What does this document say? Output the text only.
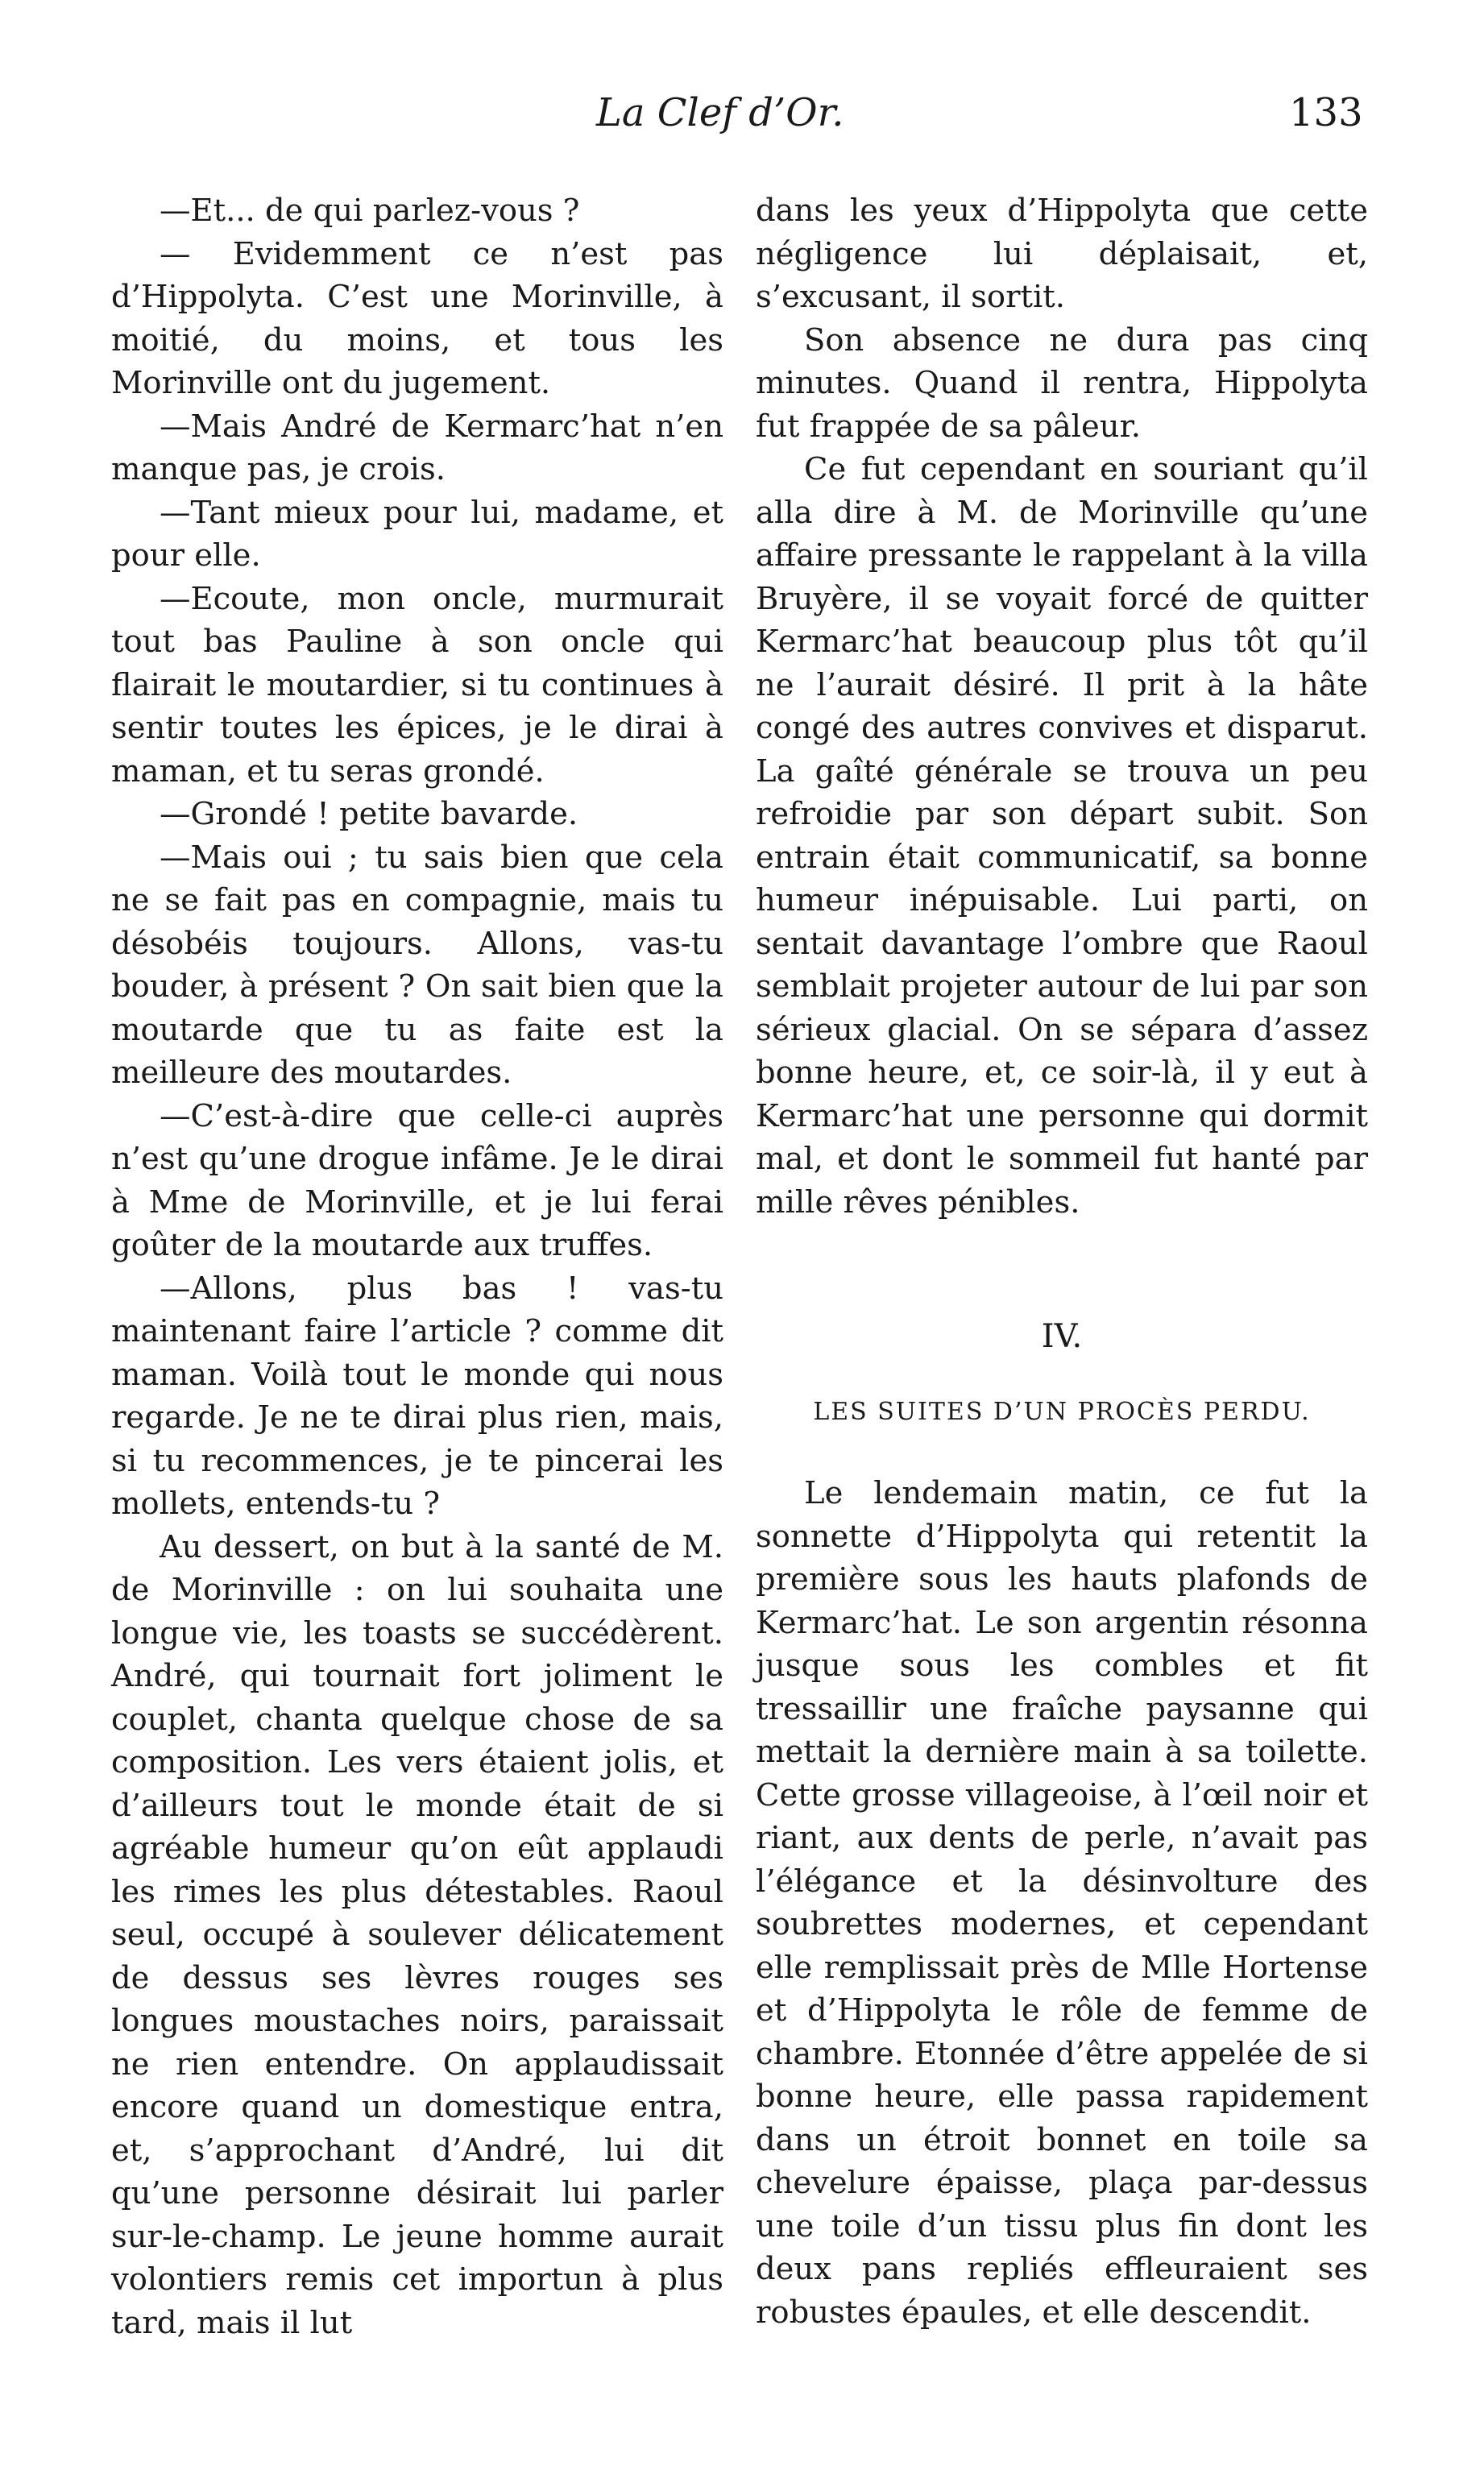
La Clef d’Or.	133

—Et... de qui parlez-vous ?

— Evidemment ce n’est pas d’Hippolyta. C’est une Morinville, à moitié, du moins, et tous les Morinville ont du jugement.

—Mais André de Kermarc’hat n’en manque pas, je crois.

—Tant mieux pour lui, madame, et pour elle.

—Ecoute, mon oncle, murmurait tout bas Pauline à son oncle qui flairait le moutardier, si tu continues à sentir toutes les épices, je le dirai à maman, et tu seras grondé.

—Grondé ! petite bavarde.

—Mais oui ; tu sais bien que cela ne se fait pas en compagnie, mais tu désobéis toujours. Allons, vas-tu bouder, à présent ? On sait bien que la moutarde que tu as faite est la meilleure des moutardes.

—C’est-à-dire que celle-ci auprès n’est qu’une drogue infâme. Je le dirai à Mme de Morinville, et je lui ferai goûter de la moutarde aux truffes.

—Allons, plus bas ! vas-tu maintenant faire l’article ? comme dit maman. Voilà tout le monde qui nous regarde. Je ne te dirai plus rien, mais, si tu recommences, je te pincerai les mollets, entends-tu ?

Au dessert, on but à la santé de M. de Morinville : on lui souhaita une longue vie, les toasts se succédèrent. André, qui tournait fort joliment le couplet, chanta quelque chose de sa composition. Les vers étaient jolis, et d’ailleurs tout le monde était de si agréable humeur qu’on eût applaudi les rimes les plus détestables. Raoul seul, occupé à soulever délicatement de dessus ses lèvres rouges ses longues moustaches noirs, paraissait ne rien entendre. On applaudissait encore quand un domestique entra, et, s’approchant d’André, lui dit qu’une personne désirait lui parler sur-le-champ. Le jeune homme aurait volontiers remis cet importun à plus tard, mais il lut

dans les yeux d’Hippolyta que cette négligence lui déplaisait, et, s’excusant, il sortit.

Son absence ne dura pas cinq minutes. Quand il rentra, Hippolyta fut frappée de sa pâleur.

Ce fut cependant en souriant qu’il alla dire à M. de Morinville qu’une affaire pressante le rappelant à la villa Bruyère, il se voyait forcé de quitter Kermarc’hat beaucoup plus tôt qu’il ne l’aurait désiré. Il prit à la hâte congé des autres convives et disparut. La gaîté générale se trouva un peu refroidie par son départ subit. Son entrain était communicatif, sa bonne humeur inépuisable. Lui parti, on sentait davantage l’ombre que Raoul semblait projeter autour de lui par son sérieux glacial. On se sépara d’assez bonne heure, et, ce soir-là, il y eut à Kermarc’hat une personne qui dormit mal, et dont le sommeil fut hanté par mille rêves pénibles.

IV.
LES SUITES D’UN PROCÈS PERDU.

Le lendemain matin, ce fut la sonnette d’Hippolyta qui retentit la première sous les hauts plafonds de Kermarc’hat. Le son argentin résonna jusque sous les combles et fit tressaillir une fraîche paysanne qui mettait la dernière main à sa toilette. Cette grosse villageoise, à l’œil noir et riant, aux dents de perle, n’avait pas l’élégance et la désinvolture des soubrettes modernes, et cependant elle remplissait près de Mlle Hortense et d’Hippolyta le rôle de femme de chambre. Etonnée d’être appelée de si bonne heure, elle passa rapidement dans un étroit bonnet en toile sa chevelure épaisse, plaça par-dessus une toile d’un tissu plus fin dont les deux pans repliés effleuraient ses robustes épaules, et elle descendit.
